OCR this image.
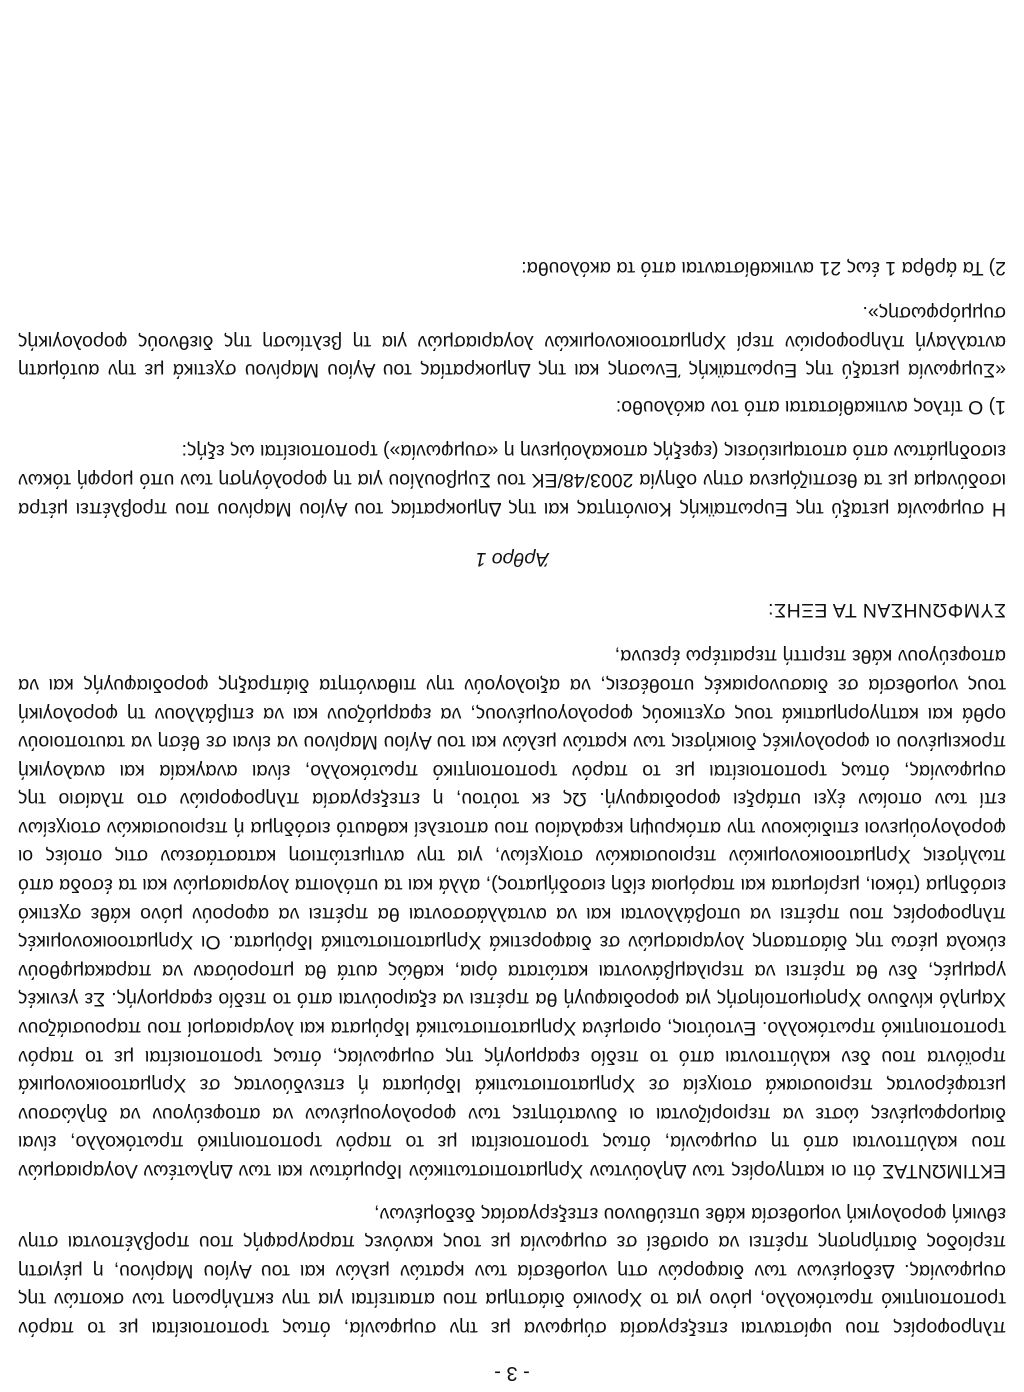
- 3 -

πληροφορίες που υφίστανται επεξεργασία σύμφωνα με την συμφωνία, όπως τροποποιείται με το παρόν τροποποιητικό πρωτόκολλο, μόνο για το Χρονικό διάστημα που απαιτείται για την εκπλήρωση των σκοπών της συμφωνίας. Δεδομένων των διαφορών στη νομοθεσία των κρατών μελών και του Αγίου Μαρίνου, η μέγιστη περίοδος διατήρησης πρέπει να ορισθεί σε συμφωνία με τους κανόνες παραγραφής που προβλέπονται στην εθνική φορολογική νομοθεσία κάθε υπεύθυνου επεξεργασίας δεδομένων,

ΕΚΤΙΜΩΝΤΑΣ ότι οι κατηγορίες των Δηλούντων Χρηματοπιστωτικών Ιδρυμάτων και των Δηλωτέων Λογαριασμών που καλύπτονται από τη συμφωνία, όπως τροποποιείται με το παρόν τροποποιητικό πρωτόκολλο, είναι διαμορφωμένες ώστε να περιορίζονται οι δυνατότητες των φορολογουμένων να αποφεύγουν να δηλώσουν μεταφέροντας περιουσιακά στοιχεία σε Χρηματοπιστωτικά Ιδρύματα ή επενδύοντας σε Χρηματοοικονομικά προϊόντα που δεν καλύπτονται από το πεδίο εφαρμογής της συμφωνίας, όπως τροποποιείται με το παρόν τροποποιητικό πρωτόκολλο. Εντούτοις, ορισμένα Χρηματοπιστωτικά Ιδρύματα και λογαριασμοί που παρουσιάζουν Χαμηλό κίνδυνο Χρησιμοποίησής για φοροδιαφυγή θα πρέπει να εξαιρούνται από το πεδίο εφαρμογής. Σε γενικές γραμμές, δεν θα πρέπει να περιλαμβάνονται κατώτατα όρια, καθώς αυτά θα μπορούσαν να παρακαμφθούν εύκολα μέσω της διάσπασης λογαριασμών σε διαφορετικά Χρηματοπιστωτικά Ιδρύματα. Οι Χρηματοοικονομικές πληροφορίες που πρέπει να υποβάλλονται και να ανταλλάσσονται θα πρέπει να αφορούν μόνο κάθε σχετικό εισόδημα (τόκοι, μερίσματα και παρόμοια είδη εισοδήματος), αλλά και τα υπόλοιπα λογαριασμών και τα έσοδα από πωλήσεις Χρηματοοικονομικών περιουσιακών στοιχείων, για την αντιμετώπιση καταστάσεων στις οποίες οι φορολογούμενοι επιδιώκουν την απόκρυψη κεφαλαίου που αποτελεί καθαυτό εισόδημα ή περιουσιακών στοιχείων επί των οποίων έχει υπάρξει φοροδιαφυγή. Ως εκ τούτου, η επεξεργασία πληροφοριών στο πλαίσιο της συμφωνίας, όπως τροποποιείται με το παρόν τροποποιητικό πρωτόκολλο, είναι αναγκαία και αναλογική προκειμένου οι φορολογικές διοικήσεις των κρατών μελών και του Αγίου Μαρίνου να είναι σε θέση να ταυτοποιούν ορθά και κατηγορηματικά τους σχετικούς φορολογουμένους, να εφαρμόζουν και να επιβάλλουν τη φορολογική τους νομοθεσία σε διασυνοριακές υποθέσεις, να αξιολογούν την πιθανότητα διάπραξης φοροδιαφυγής και να αποφεύγουν κάθε περιττή περαιτέρω έρευνα,

ΣΥΜΦΩΝΗΣΑΝ ΤΑ ΕΞΗΣ:

Άρθρο 1

Η συμφωνία μεταξύ της Ευρωπαϊκής Κοινότητας και της Δημοκρατίας του Αγίου Μαρίνου που προβλέπει μέτρα ισοδύναμα με τα θεσπιζόμενα στην οδηγία 2003/48/ΕΚ του Συμβουλίου για τη φορολόγηση των υπό μορφή τόκων εισοδημάτων από αποταμιεύσεις (εφεξής αποκαλούμενη η «συμφωνία») τροποποιείται ως εξής:

1) Ο τίτλος αντικαθίσταται από τον ακόλουθο:

«Συμφωνία μεταξύ της Ευρωπαϊκής Ένωσης και της Δημοκρατίας του Αγίου Μαρίνου σχετικά με την αυτόματη ανταλλαγή πληροφοριών περί Χρηματοοικονομικών λογαριασμών για τη βελτίωση της διεθνούς φορολογικής συμμόρφωσης».

2) Τα άρθρα 1 έως 21 αντικαθίστανται από τα ακόλουθα:
